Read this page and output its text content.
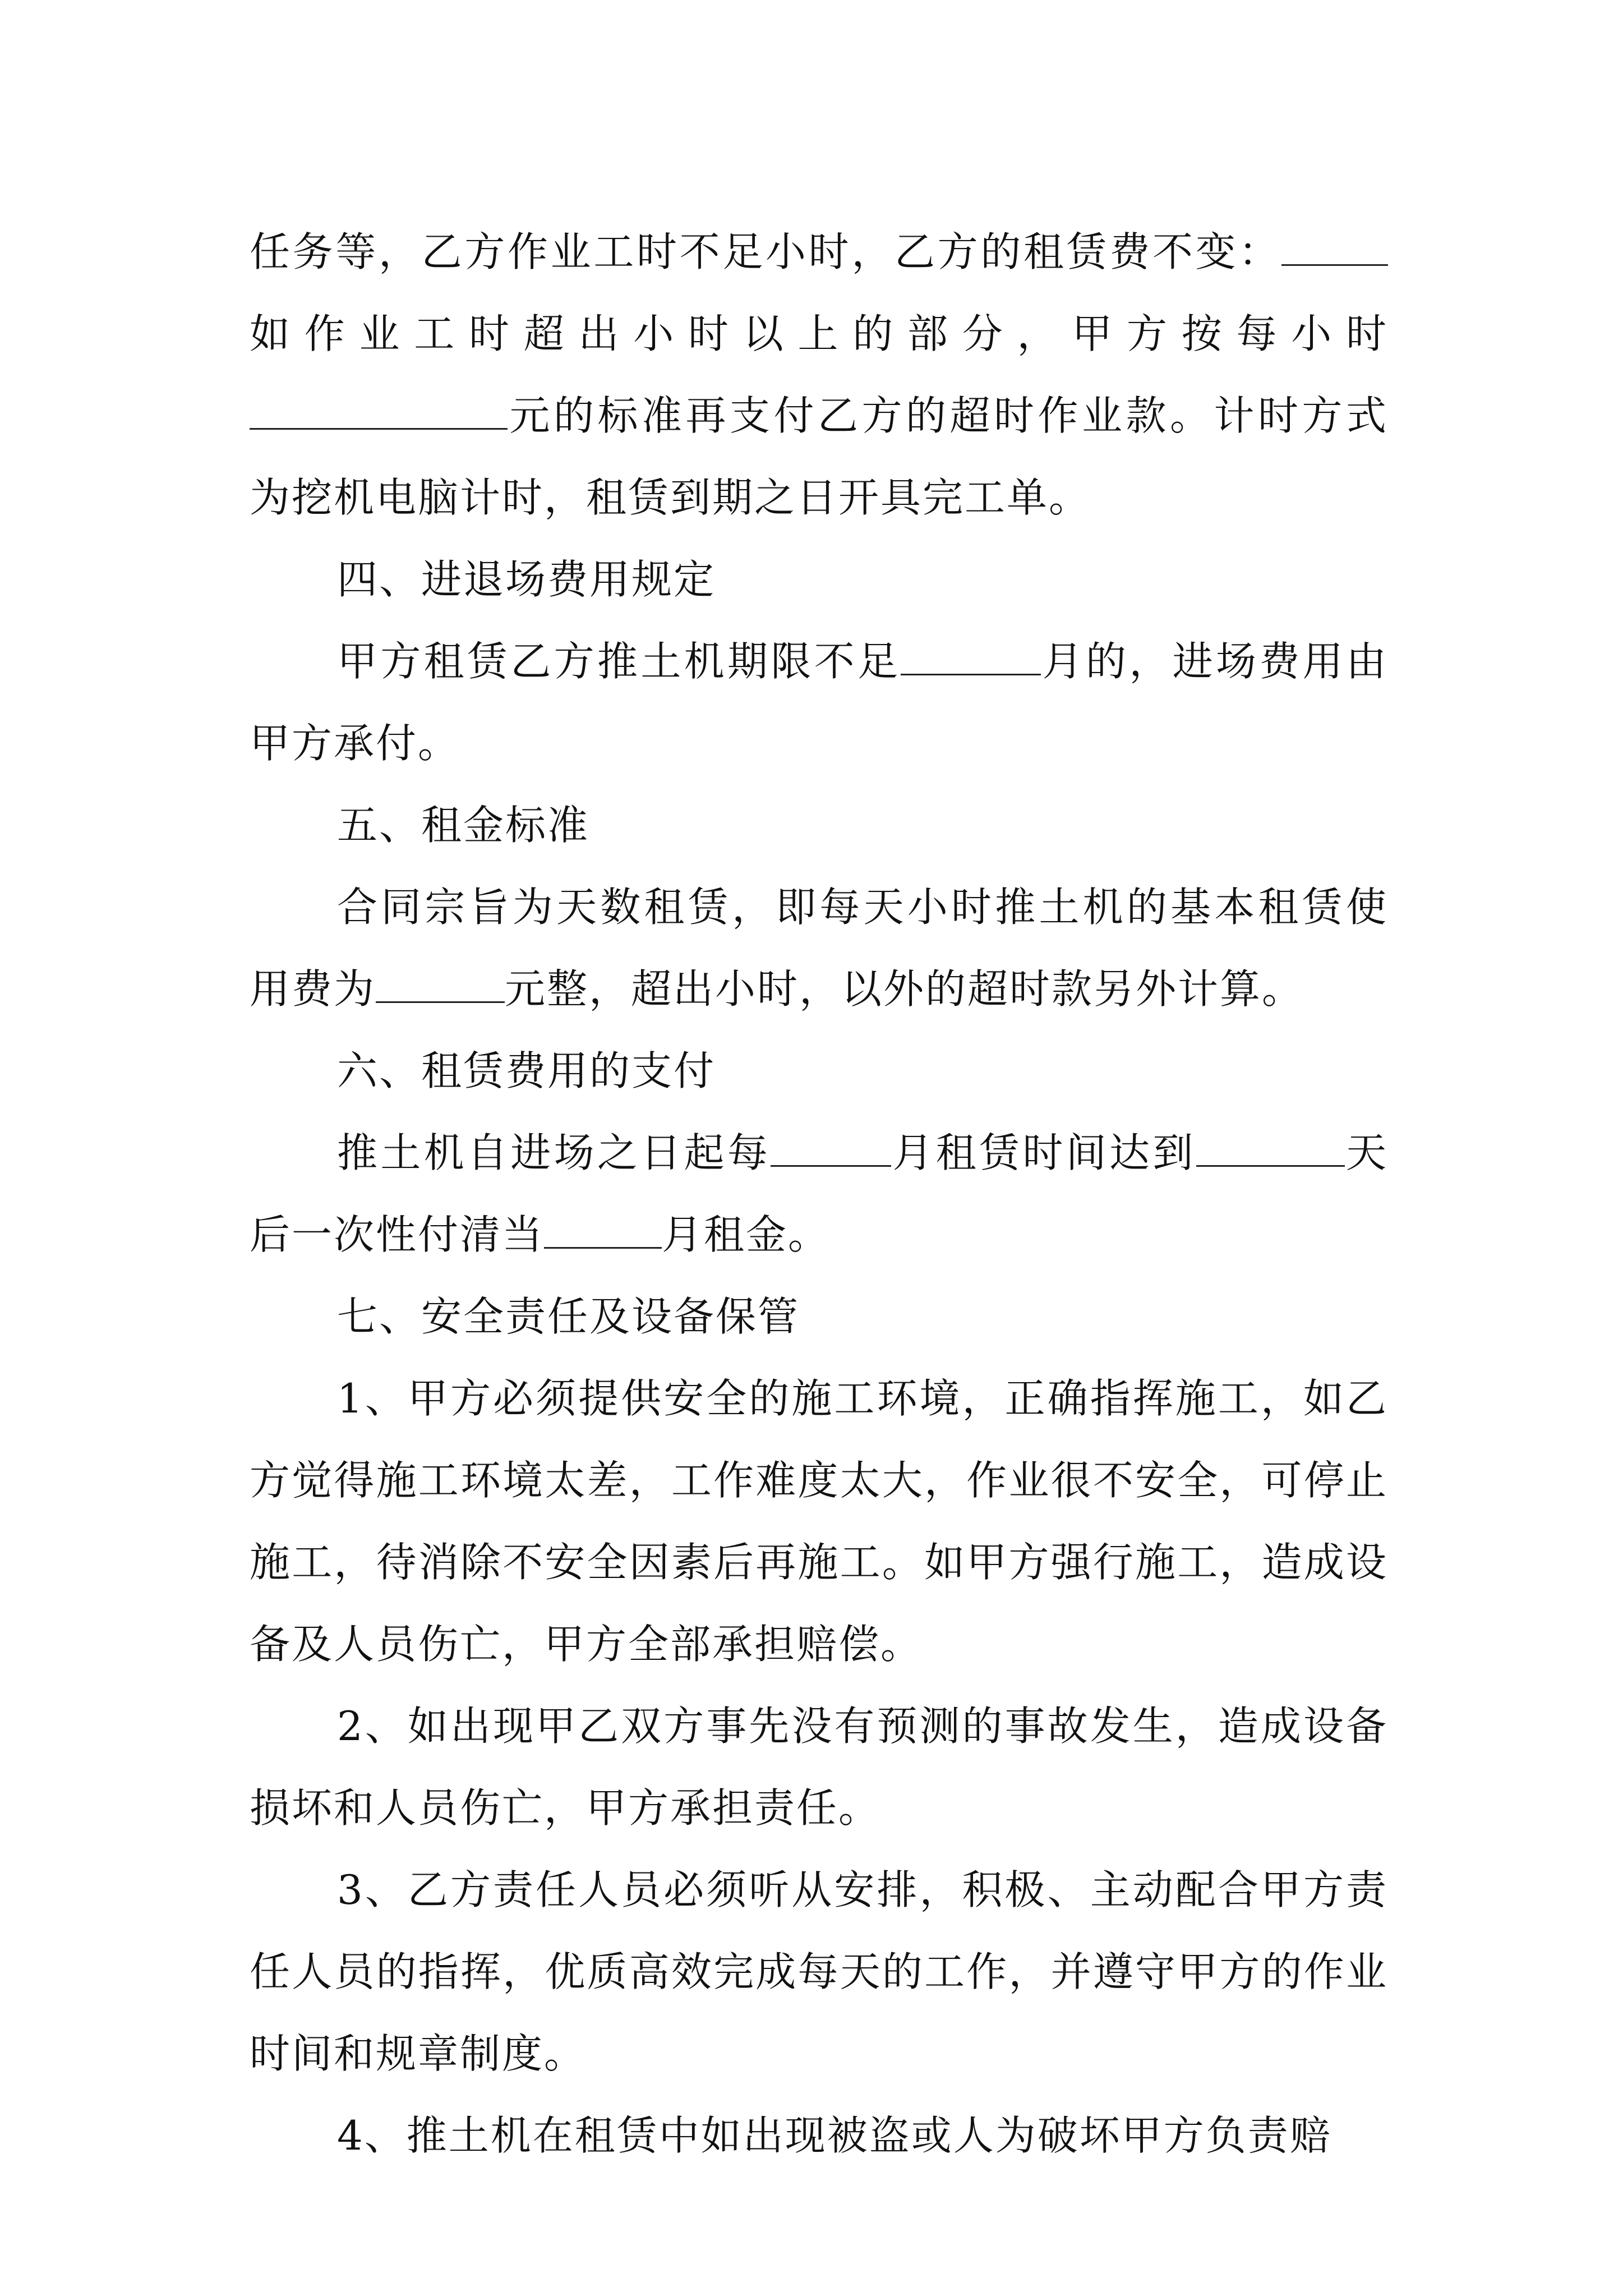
任务等，乙方作业工时不足小时，乙方的租赁费不变：如作业工时超出小时以上的部分，甲方按每小时元的标准再支付乙方的超时作业款。计时方式为挖机电脑计时，租赁到期之日开具完工单。

四、进退场费用规定

甲方租赁乙方推土机期限不足	月的，进场费用由甲方承付。

五、租金标准

合同宗旨为天数租赁，即每天小时推土机的基本租赁使用费为	元整，超出小时，以外的超时款另外计算。

六、租赁费用的支付

推土机自进场之日起每	月租赁时间达到	天后一次性付清当	月租金。

七、安全责任及设备保管

1、甲方必须提供安全的施工环境，正确指挥施工，如乙方觉得施工环境太差，工作难度太大，作业很不安全，可停止施工，待消除不安全因素后再施工。如甲方强行施工，造成设备及人员伤亡，甲方全部承担赔偿。

2、如出现甲乙双方事先没有预测的事故发生，造成设备损坏和人员伤亡，甲方承担责任。

3、乙方责任人员必须听从安排，积极、主动配合甲方责任人员的指挥，优质高效完成每天的工作，并遵守甲方的作业时间和规章制度。

4、推土机在租赁中如出现被盗或人为破坏甲方负责赔
